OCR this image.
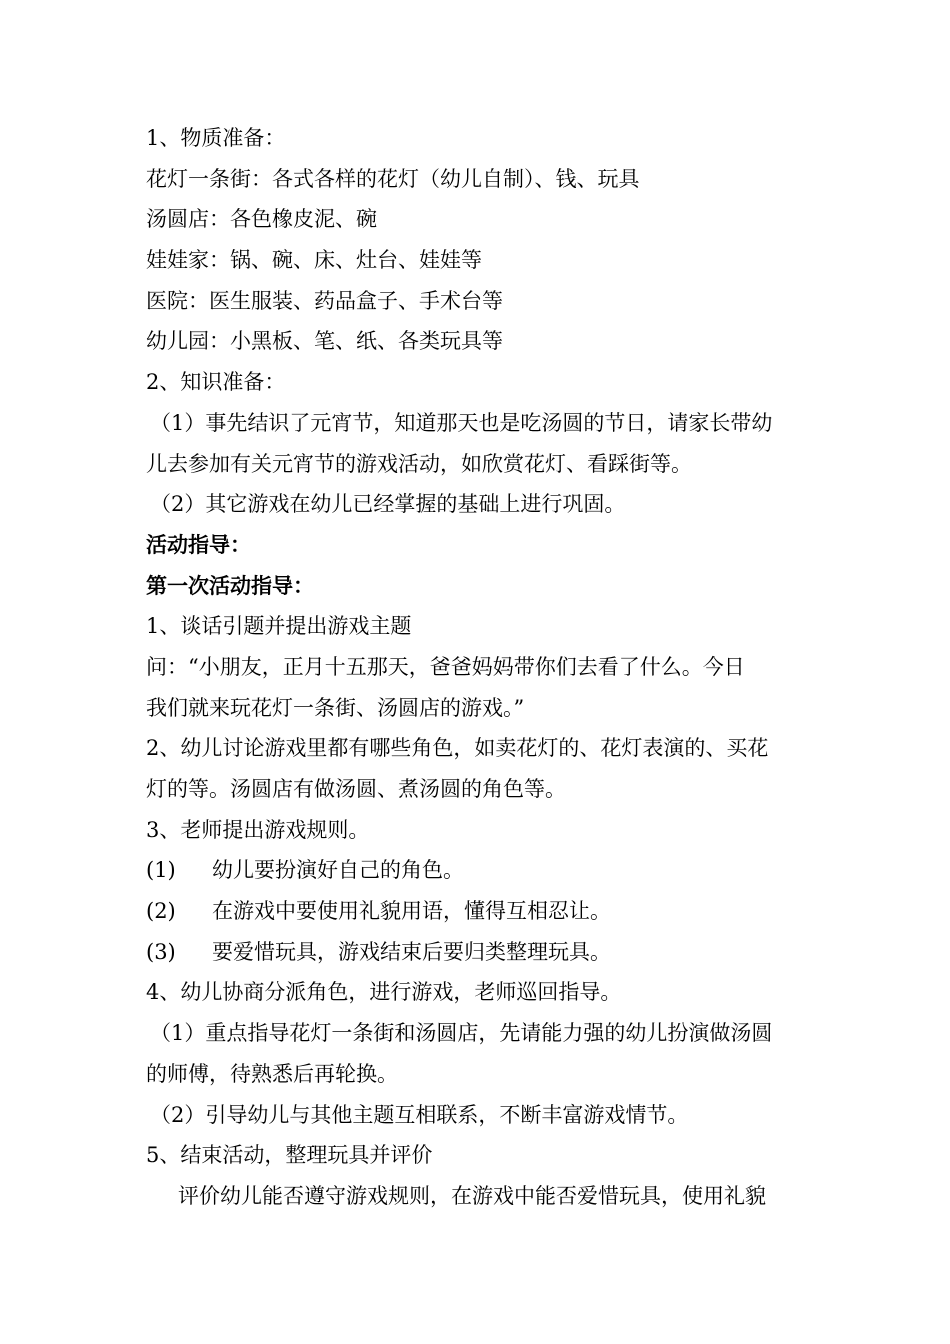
1、物质准备：
花灯一条街：各式各样的花灯（幼儿自制）、钱、玩具
汤圆店：各色橡皮泥、碗
娃娃家：锅、碗、床、灶台、娃娃等
医院：医生服装、药品盒子、手术台等
幼儿园：小黑板、笔、纸、各类玩具等
2、知识准备：
（1）事先结识了元宵节，知道那天也是吃汤圆的节日，请家长带幼
儿去参加有关元宵节的游戏活动，如欣赏花灯、看踩街等。
（2）其它游戏在幼儿已经掌握的基础上进行巩固。
活动指导：
第一次活动指导：
1、谈话引题并提出游戏主题
问：“小朋友，正月十五那天，爸爸妈妈带你们去看了什么。今日
我们就来玩花灯一条街、汤圆店的游戏。”
2、幼儿讨论游戏里都有哪些角色，如卖花灯的、花灯表演的、买花
灯的等。汤圆店有做汤圆、煮汤圆的角色等。
3、老师提出游戏规则。
(1)	幼儿要扮演好自己的角色。
(2)	在游戏中要使用礼貌用语，懂得互相忍让。
(3)	要爱惜玩具，游戏结束后要归类整理玩具。
4、幼儿协商分派角色，进行游戏，老师巡回指导。
（1）重点指导花灯一条街和汤圆店，先请能力强的幼儿扮演做汤圆
的师傅，待熟悉后再轮换。
（2）引导幼儿与其他主题互相联系，不断丰富游戏情节。
5、结束活动，整理玩具并评价
评价幼儿能否遵守游戏规则，在游戏中能否爱惜玩具，使用礼貌
